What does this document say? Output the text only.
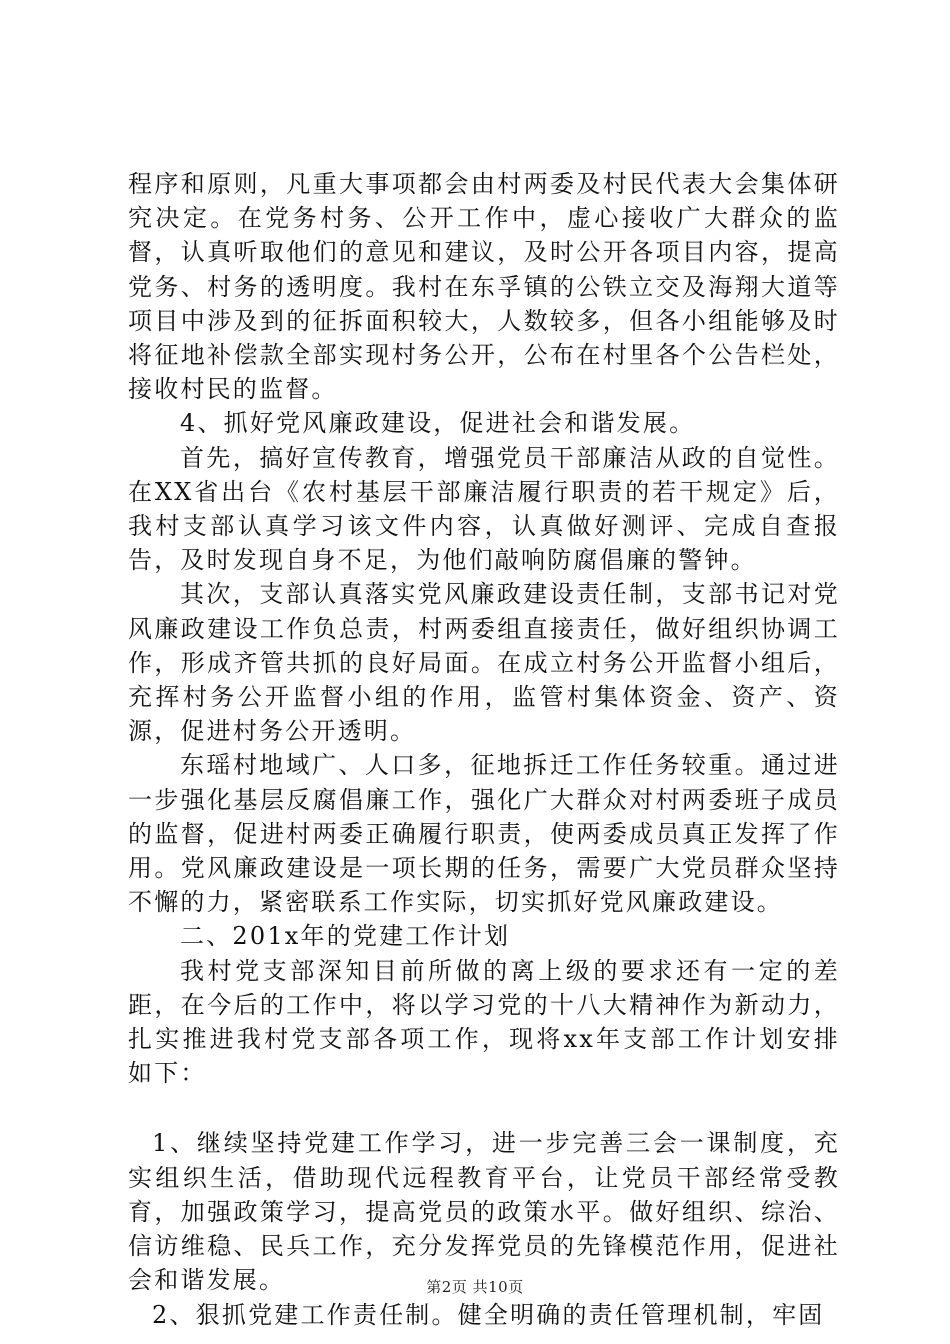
程序和原则，凡重大事项都会由村两委及村民代表大会集体研究决定。在党务村务、公开工作中，虚心接收广大群众的监督，认真听取他们的意见和建议，及时公开各项目内容，提高党务、村务的透明度。我村在东孚镇的公铁立交及海翔大道等项目中涉及到的征拆面积较大，人数较多，但各小组能够及时将征地补偿款全部实现村务公开，公布在村里各个公告栏处，接收村民的监督。

4、抓好党风廉政建设，促进社会和谐发展。

首先，搞好宣传教育，增强党员干部廉洁从政的自觉性。在XX省出台《农村基层干部廉洁履行职责的若干规定》后，我村支部认真学习该文件内容，认真做好测评、完成自查报告，及时发现自身不足，为他们敲响防腐倡廉的警钟。

其次，支部认真落实党风廉政建设责任制，支部书记对党风廉政建设工作负总责，村两委组直接责任，做好组织协调工作，形成齐管共抓的良好局面。在成立村务公开监督小组后，充挥村务公开监督小组的作用，监管村集体资金、资产、资源，促进村务公开透明。

东瑶村地域广、人口多，征地拆迁工作任务较重。通过进一步强化基层反腐倡廉工作，强化广大群众对村两委班子成员的监督，促进村两委正确履行职责，使两委成员真正发挥了作用。党风廉政建设是一项长期的任务，需要广大党员群众坚持不懈的力，紧密联系工作实际，切实抓好党风廉政建设。

二、201x年的党建工作计划

我村党支部深知目前所做的离上级的要求还有一定的差距，在今后的工作中，将以学习党的十八大精神作为新动力，扎实推进我村党支部各项工作，现将xx年支部工作计划安排如下：

1、继续坚持党建工作学习，进一步完善三会一课制度，充实组织生活，借助现代远程教育平台，让党员干部经常受教育，加强政策学习，提高党员的政策水平。做好组织、综治、信访维稳、民兵工作，充分发挥党员的先锋模范作用，促进社会和谐发展。

2、狠抓党建工作责任制。健全明确的责任管理机制，牢固

第2页 共10页
